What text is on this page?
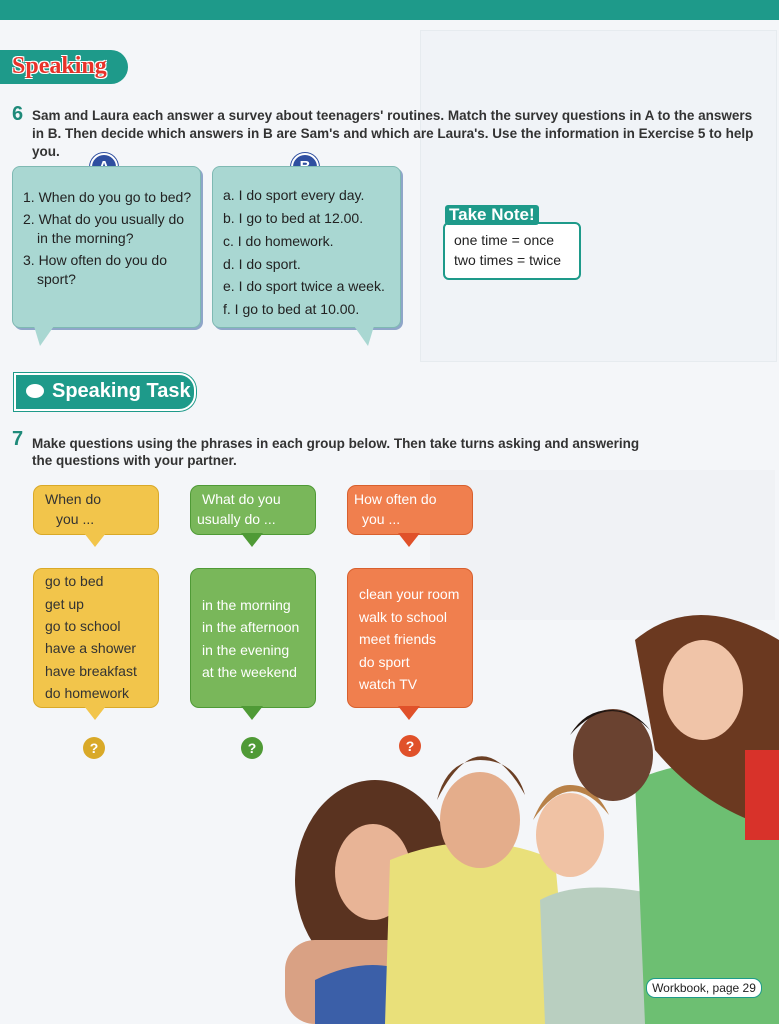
Speaking
6 Sam and Laura each answer a survey about teenagers' routines. Match the survey questions in A to the answers
in B. Then decide which answers in B are Sam's and which are Laura's. Use the information in Exercise 5 to help you.
1. When do you go to bed?
2. What do you usually do
in the morning?
3. How often do you do
sport?
a. I do sport every day.
b. I go to bed at 12.00.
c. I do homework.
d. I do sport.
e. I do sport twice a week.
f. I go to bed at 10.00.
one time = once
two times = twice
Take Note!
Speaking Task
7 Make questions using the phrases in each group below. Then take turns asking and answering
the questions with your partner.
When do
you ...
go to bed
get up
go to school
have a shower
have breakfast
do homework
?
What do you
usually do ...
in the morning
in the afternoon
in the evening
at the weekend
?
How often do
you ...
clean your room
walk to school
meet friends
do sport
watch TV
?
Workbook, page 29
